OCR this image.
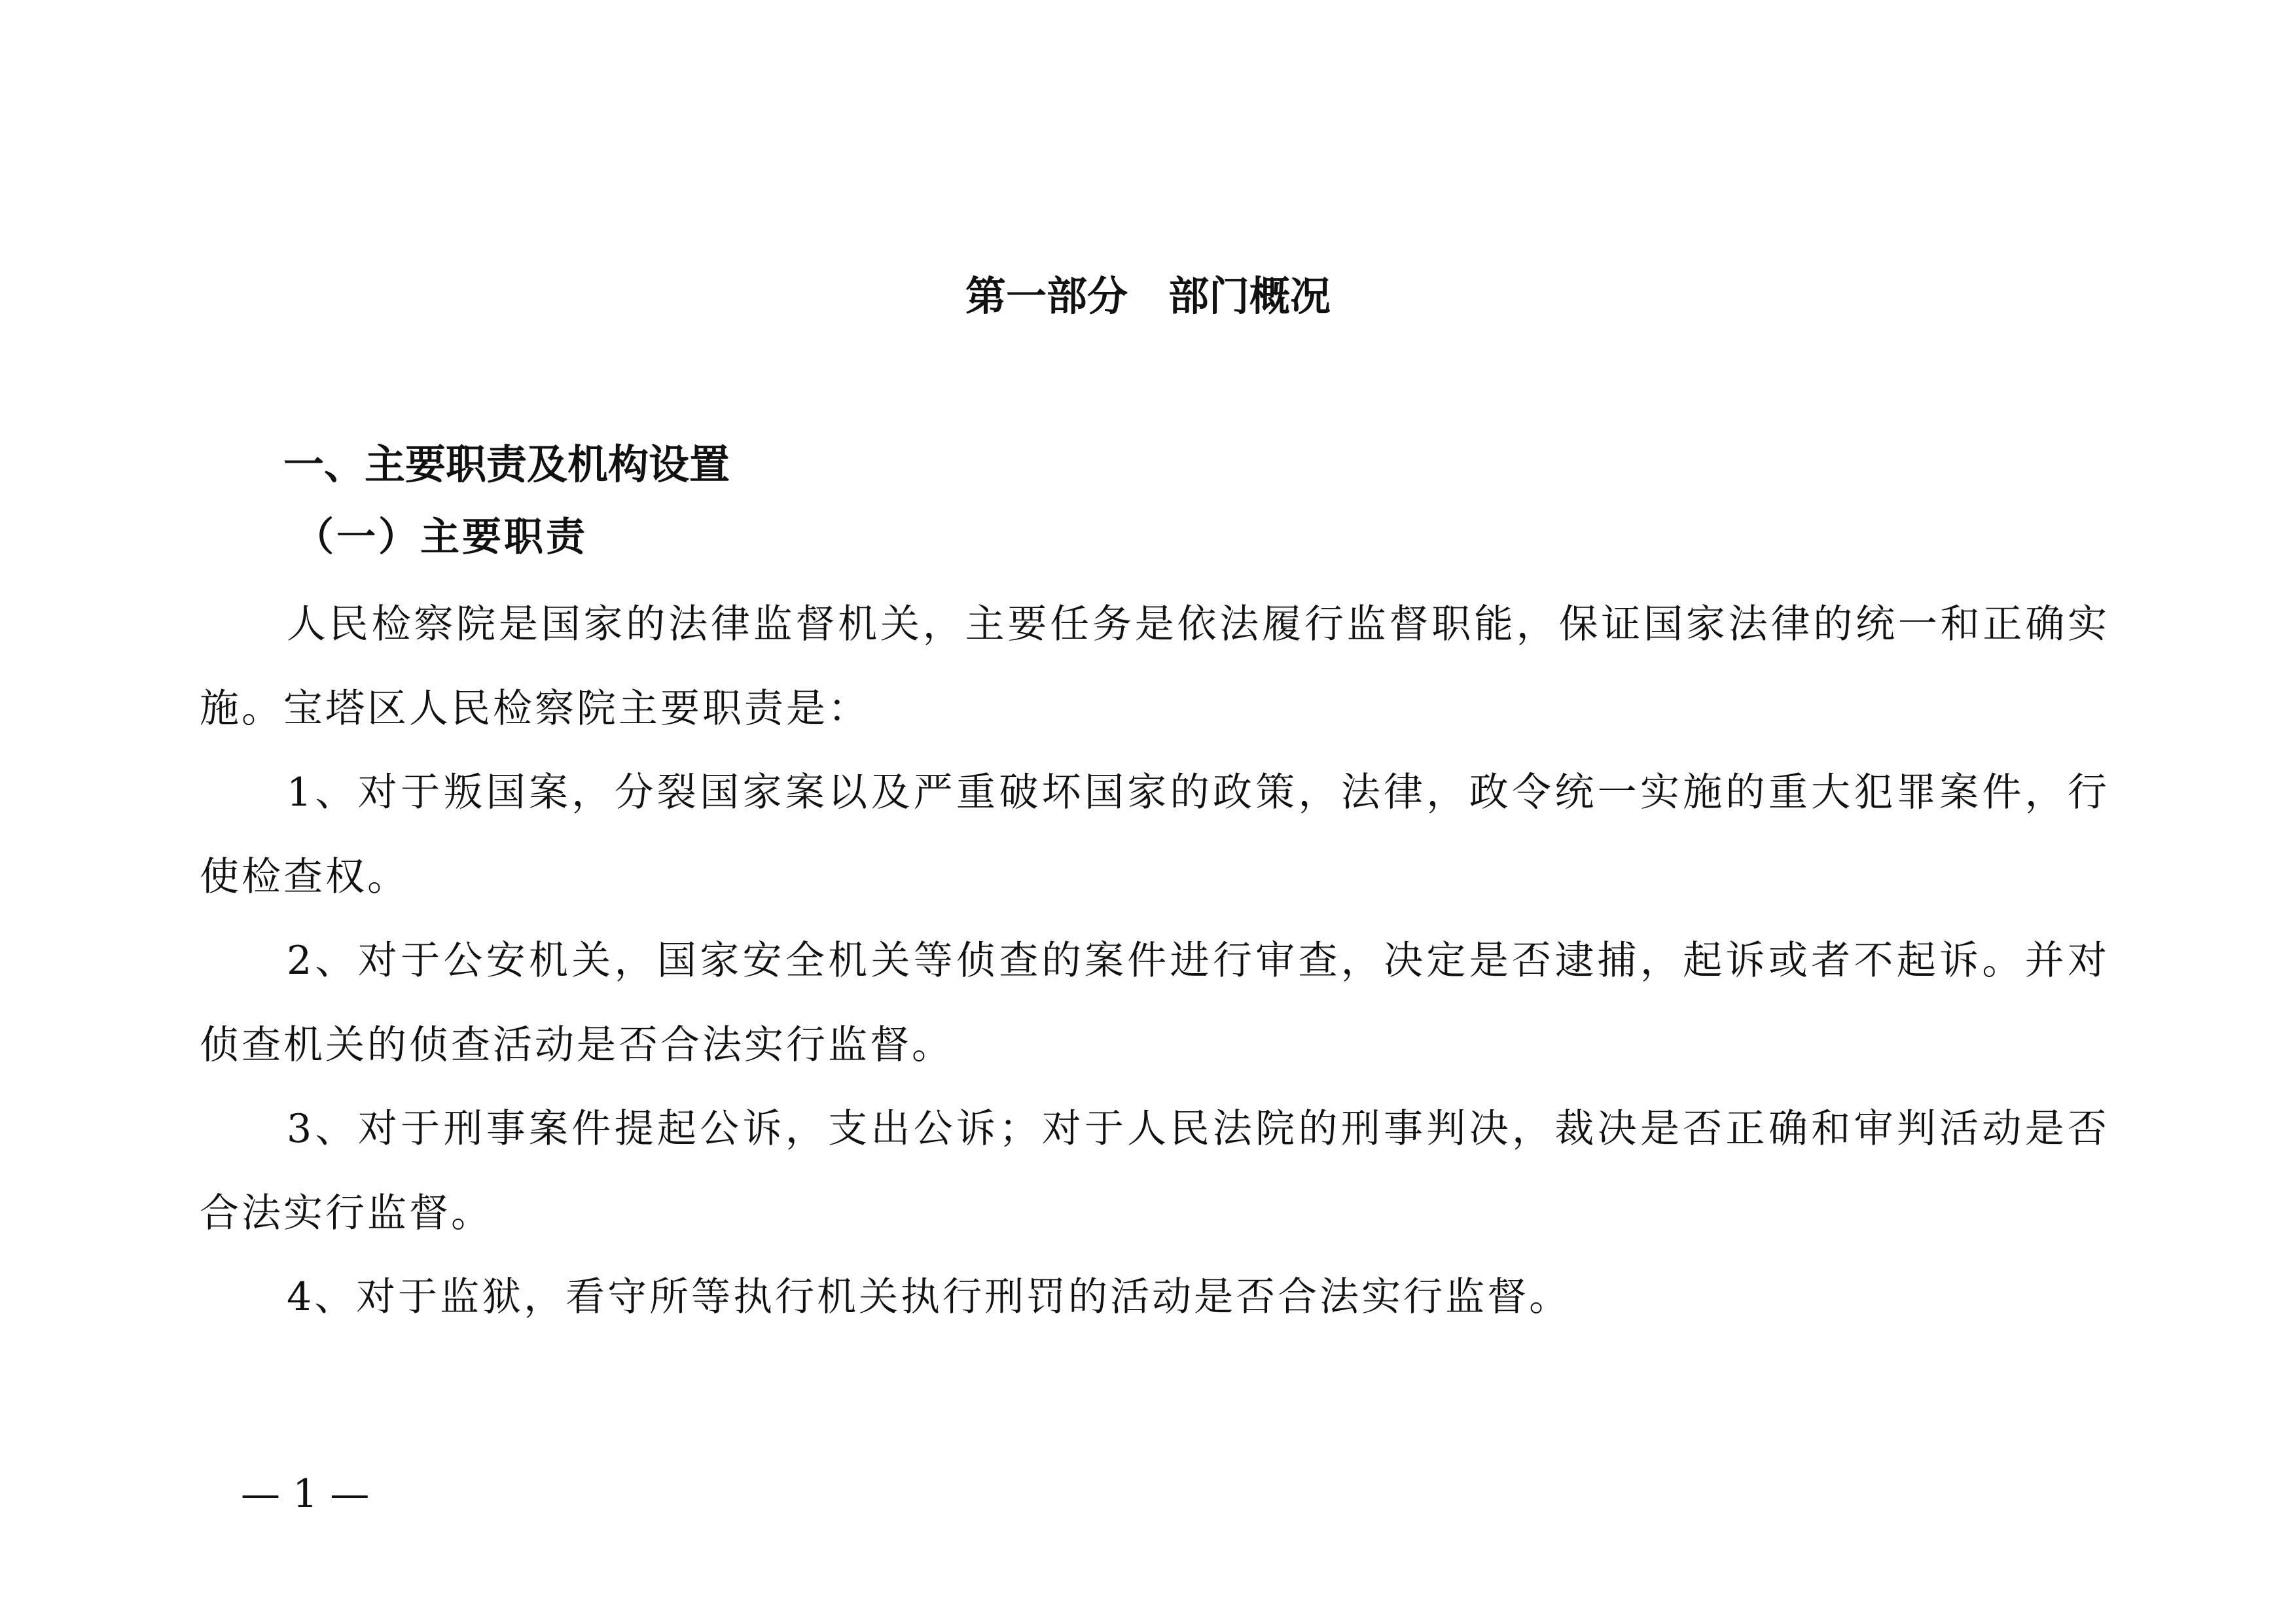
第一部分　部门概况
一、主要职责及机构设置
（一）主要职责

人民检察院是国家的法律监督机关，主要任务是依法履行监督职能，保证国家法律的统一和正确实施。宝塔区人民检察院主要职责是：

1、对于叛国案，分裂国家案以及严重破坏国家的政策，法律，政令统一实施的重大犯罪案件，行使检查权。

2、对于公安机关，国家安全机关等侦查的案件进行审查，决定是否逮捕，起诉或者不起诉。并对侦查机关的侦查活动是否合法实行监督。

3、对于刑事案件提起公诉，支出公诉；对于人民法院的刑事判决，裁决是否正确和审判活动是否合法实行监督。

4、对于监狱，看守所等执行机关执行刑罚的活动是否合法实行监督。

— 1 —
